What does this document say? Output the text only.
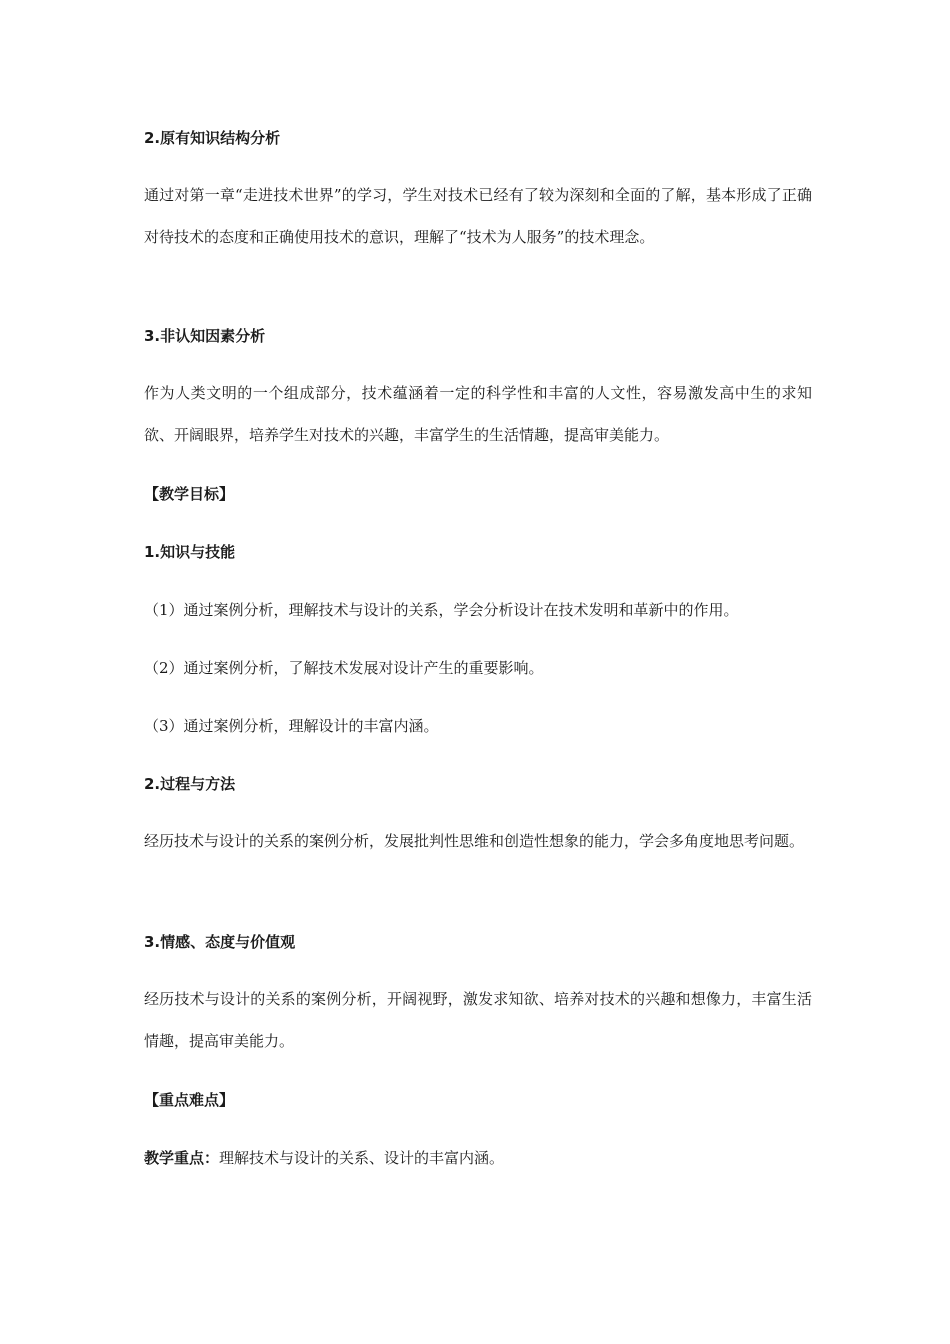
2.原有知识结构分析

通过对第一章“走进技术世界”的学习，学生对技术已经有了较为深刻和全面的了解，基本形成了正确对待技术的态度和正确使用技术的意识，理解了“技术为人服务”的技术理念。

3.非认知因素分析

作为人类文明的一个组成部分，技术蕴涵着一定的科学性和丰富的人文性，容易激发高中生的求知欲、开阔眼界，培养学生对技术的兴趣，丰富学生的生活情趣，提高审美能力。

【教学目标】

1.知识与技能

（1）通过案例分析，理解技术与设计的关系，学会分析设计在技术发明和革新中的作用。

（2）通过案例分析，了解技术发展对设计产生的重要影响。

（3）通过案例分析，理解设计的丰富内涵。

2.过程与方法

经历技术与设计的关系的案例分析，发展批判性思维和创造性想象的能力，学会多角度地思考问题。

3.情感、态度与价值观

经历技术与设计的关系的案例分析，开阔视野，激发求知欲、培养对技术的兴趣和想像力，丰富生活情趣，提高审美能力。

【重点难点】

教学重点：理解技术与设计的关系、设计的丰富内涵。
